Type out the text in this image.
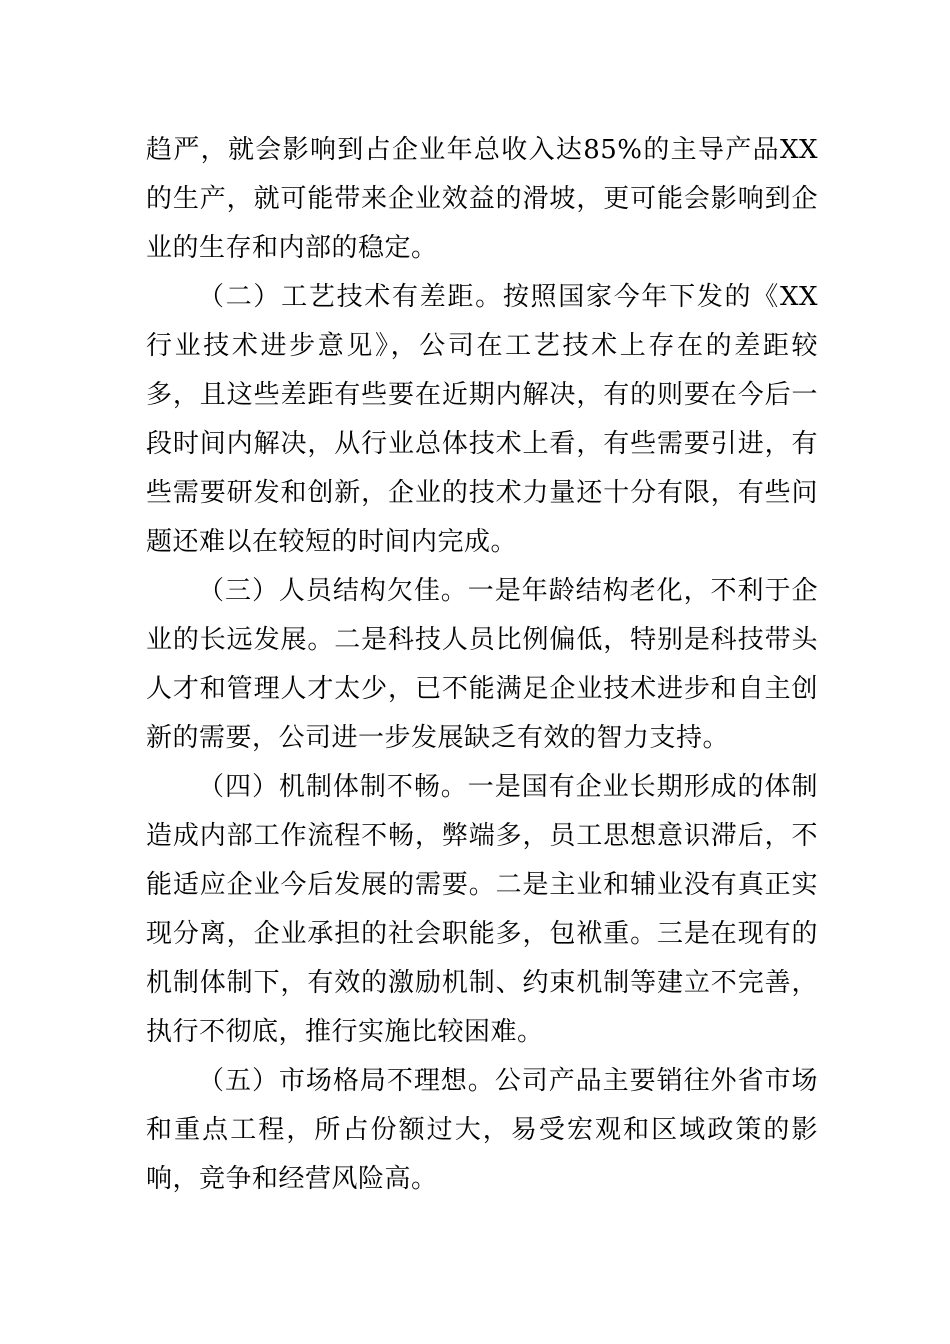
趋严，就会影响到占企业年总收入达85%的主导产品XX的生产，就可能带来企业效益的滑坡，更可能会影响到企业的生存和内部的稳定。

（二）工艺技术有差距。按照国家今年下发的《XX行业技术进步意见》，公司在工艺技术上存在的差距较多，且这些差距有些要在近期内解决，有的则要在今后一段时间内解决，从行业总体技术上看，有些需要引进，有些需要研发和创新，企业的技术力量还十分有限，有些问题还难以在较短的时间内完成。

（三）人员结构欠佳。一是年龄结构老化，不利于企业的长远发展。二是科技人员比例偏低，特别是科技带头人才和管理人才太少，已不能满足企业技术进步和自主创新的需要，公司进一步发展缺乏有效的智力支持。

（四）机制体制不畅。一是国有企业长期形成的体制造成内部工作流程不畅，弊端多，员工思想意识滞后，不能适应企业今后发展的需要。二是主业和辅业没有真正实现分离，企业承担的社会职能多，包袱重。三是在现有的机制体制下，有效的激励机制、约束机制等建立不完善，执行不彻底，推行实施比较困难。

（五）市场格局不理想。公司产品主要销往外省市场和重点工程，所占份额过大，易受宏观和区域政策的影响，竞争和经营风险高。
